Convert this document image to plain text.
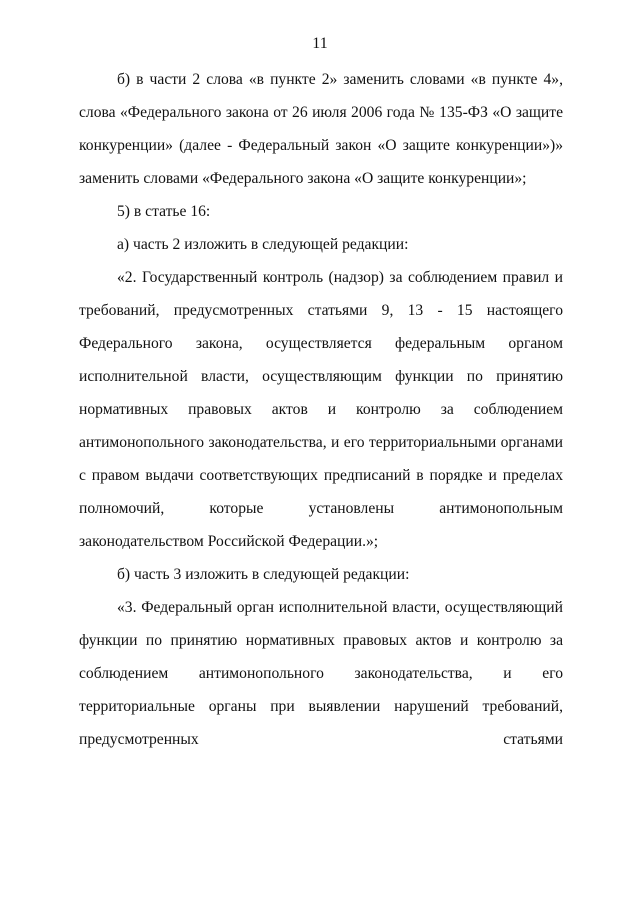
11

б) в части 2 слова «в пункте 2» заменить словами «в пункте 4», слова «Федерального закона от 26 июля 2006 года № 135-ФЗ «О защите конкуренции» (далее - Федеральный закон «О защите конкуренции»)» заменить словами «Федерального закона «О защите конкуренции»;

5) в статье 16:

а) часть 2 изложить в следующей редакции:

«2. Государственный контроль (надзор) за соблюдением правил и требований, предусмотренных статьями 9, 13 - 15 настоящего Федерального закона, осуществляется федеральным органом исполнительной власти, осуществляющим функции по принятию нормативных правовых актов и контролю за соблюдением антимонопольного законодательства, и его территориальными органами с правом выдачи соответствующих предписаний в порядке и пределах полномочий, которые установлены антимонопольным законодательством Российской Федерации.»;

б) часть 3 изложить в следующей редакции:

«3. Федеральный орган исполнительной власти, осуществляющий функции по принятию нормативных правовых актов и контролю за соблюдением антимонопольного законодательства, и его территориальные органы при выявлении нарушений требований, предусмотренных статьями
